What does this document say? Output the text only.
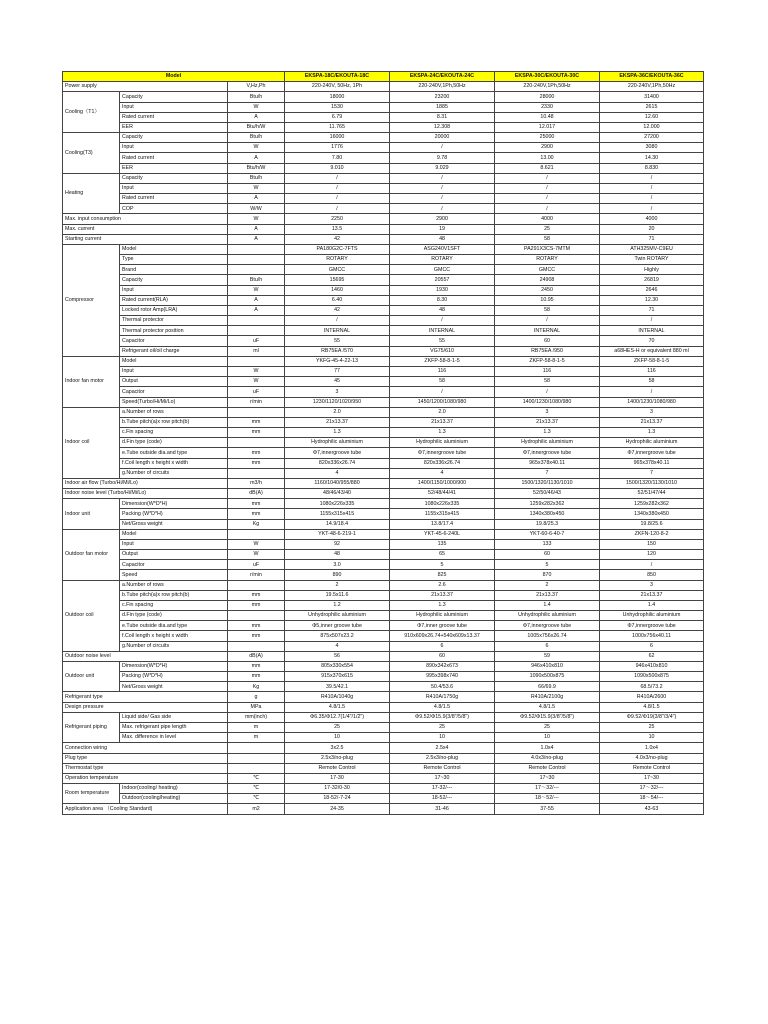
Model			EKSPA-18C/EKOUTA-18C	EKSPA-24C/EKOUTA-24C	EKSPA-30C/EKOUTA-30C	EKSPA-36C/EKOUTA-36C
Power supply		V,Hz,Ph	220-240V, 50Hz, 1Ph	220-240V,1Ph,50Hz	220-240V,1Ph,50Hz	220-240V,1Ph,50Hz
Cooling（T1）	Capacity	Btu/h	18000	23200	28000	31400
	Input	W	1530	1885	2330	2615
	Rated current	A	6.79	8.31	10.48	12.60
	EER	Btu/h/W	11.765	12.308	12.017	12.000
Cooling(T3)	Capacity	Btu/h	16000	20000	25000	27200
	Input	W	1776	/	2900	3080
	Rated current	A	7.80	9.78	13.00	14.30
	EER	Btu/h/W	9.010	9.029	8.621	8.830
Heating	Capacity	Btu/h	/	/	/	/
	Input	W	/	/	/	/
	Rated current	A	/	/	/	/
	COP	W/W	/	/	/	/
Max. input consumption		W	2250	2900	4000	4000
Max. current		A	13.5	19	25	20
Starting current		A	42	48	58	71
Compressor	Model		PA180G2C-7FTS	ASG240V1SFT	PA291X3CS-7MTM	ATH325MV-C9EU
	Type		ROTARY	ROTARY	ROTARY	Twin ROTARY
	Brand		GMCC	GMCC	GMCC	Highly
	Capacity	Btu/h	15695	20557	24908	26819
	Input	W	1460	1930	2450	2646
	Rated current(RLA)	A	6.40	8.30	10.95	12.30
	Locked rotor Amp(LRA)	A	42	48	58	71
	Thermal protector		/	/	/	/
	Thermal protector position		INTERNAL	INTERNAL	INTERNAL	INTERNAL
	Capacitor	uF	55	55	60	70
	Refrigerant oil/oil charge	ml	RB75EA /570	VG75/610	RB75EA /950	a68HES-H or equivalent 880 ml
Indoor fan motor	Model		YKFG-45-4-22-13	ZKFP-58-8-1-5	ZKFP-58-8-1-5	ZKFP-58-8-1-5
	Input	W	77	116	116	116
	Output	W	45	58	58	58
	Capacitor	uF	3	/	/	/
	Speed(Turbo/Hi/Mi/Lo)	r/min	1230/1120/1020/950	1450/1200/1080/980	1400/1230/1080/980	1400/1230/1080/980
Indoor coil	a.Number of rows		2.0	2.0	3	3
	b.Tube pitch(a)x row pitch(b)	mm	21x13.37	21x13.37	21x13.37	21x13.37
	c.Fin spacing	mm	1.3	1.3	1.3	1.3
	d.Fin type (code)		Hydrophilic aluminium	Hydrophilic aluminium	Hydrophilic aluminium	Hydrophilic aluminium
	e.Tube outside dia.and type	mm	Φ7,innergroove tube	Φ7,innergroove tube	Φ7,innergroove tube	Φ7,innergroove tube
	f.Coil length x height x width	mm	820x336x26.74	820x336x26.74	965x378x40.11	965x378x40.11
	g.Number of circuits		4	4	7	7
Indoor air flow (Turbo/Hi/Mi/Lo)		m3/h	1160/1040/955/880	1400/1150/1000/900	1500/1320/1130/1010	1500/1320/1130/1010
Indoor noise level (Turbo/Hi/Mi/Lo)		dB(A)	48/46/43/40	52/48/44/41	52/50/46/43	52/51/47/44
Indoor unit	Dimension(W*D*H)	mm	1080x226x335	1080x226x335	1259x282x362	1259x282x362
	Packing (W*D*H)	mm	1155x315x415	1155x315x415	1340x380x450	1340x380x450
	Net/Gross weight	Kg	14.9/18.4	13.8/17.4	19.8/25.3	19.8/25.6
Outdoor fan motor	Model		YKT-48-6-219-1	YKT-45-6-240L	YKT-60-6-40-7	ZKFN-120-8-2
	Input	W	92	135	133	150
	Output	W	48	65	60	120
	Capacitor	uF	3.0	5	5	/
	Speed	r/min	890	825	870	850
Outdoor coil	a.Number of rows		2	2.6	2	3
	b.Tube pitch(a)x row pitch(b)	mm	19.5x11.6	21x13.37	21x13.37	21x13.37
	c.Fin spacing	mm	1.2	1.3	1.4	1.4
	d.Fin type (code)		Unhydrophilic aluminium	Hydrophilic aluminium	Unhydrophilic aluminium	Unhydrophilic aluminium
	e.Tube outside dia.and type	mm	Φ5,inner groove tube	Φ7,inner groove tube	Φ7,innergroove tube	Φ7,innergroove tube
	f.Coil length x height x width	mm	875x507x23.2	910x609x26.74+540x609x13.37	1005x756x26.74	1000x756x40.11
	g.Number of circuits		4	6	6	6
Outdoor noise level		dB(A)	56	60	59	62
Outdoor unit	Dimension(W*D*H)	mm	805x330x554	890x342x673	946x410x810	946x410x810
	Packing (W*D*H)	mm	915x370x615	995x398x740	1090x500x875	1090x500x875
	Net/Gross weight	Kg	39.5/42.1	50.4/53.6	66/69.9	68.5/73.2
Refrigerant type		g	R410A/1040g	R410A/1750g	R410A/2100g	R410A/2600
Design pressure		MPa	4.8/1.5	4.8/1.5	4.8/1.5	4.8/1.5
Refrigerant piping	Liquid side/ Gas side	mm(inch)	Φ6.35/Φ12.7(1/4"/1/2")	Φ9.52/Φ15.9(3/8"/5/8")	Φ9.52/Φ15.9(3/8"/5/8")	Φ9.52/Φ19(3/8"/3/4")
	Max. refrigerant pipe length	m	25	25	25	25
	Max. difference in level	m	10	10	10	10
Connection wiring			3x2.5	2.5x4	1.0x4	1.0x4
Plug type			2.5x3/no-plug	2.5x3/no-plug	4.0x3/no-plug	4.0x3/no-plug
Thermostat type			Remote Control	Remote Control	Remote Control	Remote Control
Operation temperature		℃	17-30	17~30	17~30	17~30
Room temperature	Indoor(cooling/ heating)	℃	17-32/0-30	17-32/---	17～32/---	17～32/---
	Outdoor(cooling/heating)	℃	18-52/-7-24	18-52/---	18～52/---	18～54/---
Application area （Cooling Standard)		m2	24-35	31-46	37-55	43-63
